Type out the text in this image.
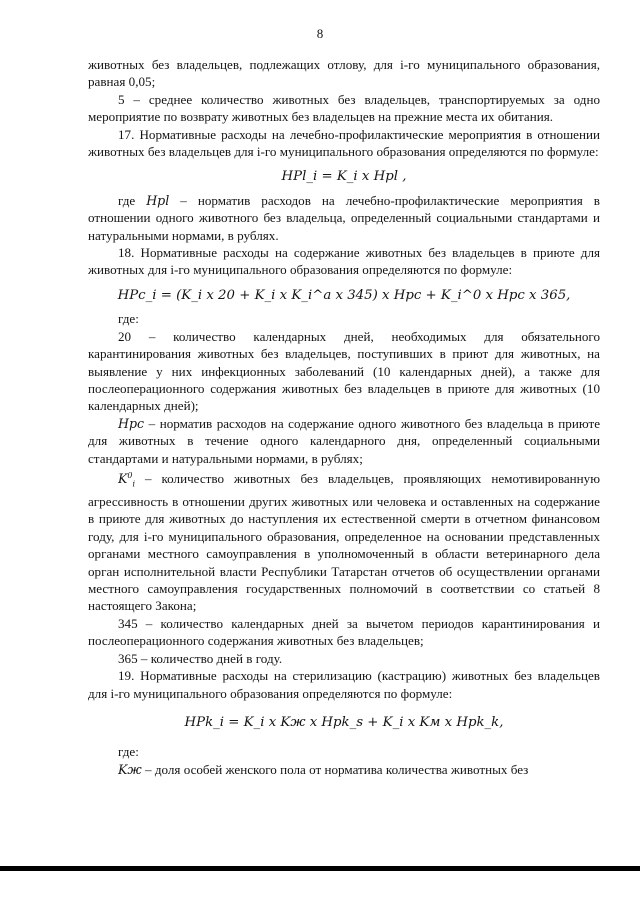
8

животных без владельцев, подлежащих отлову, для i-го муниципального образования, равная 0,05;

5 – среднее количество животных без владельцев, транспортируемых за одно мероприятие по возврату животных без владельцев на прежние места их обитания.

17. Нормативные расходы на лечебно-профилактические мероприятия в отношении животных без владельцев для i-го муниципального образования определяются по формуле:

HPl_i = K_i x Hpl ,

где Hpl – норматив расходов на лечебно-профилактические мероприятия в отношении одного животного без владельца, определенный социальными стандартами и натуральными нормами, в рублях.

18. Нормативные расходы на содержание животных без владельцев в приюте для животных для i-го муниципального образования определяются по формуле:

HPc_i = (K_i x 20 + K_i x K_i^a x 345) x Hpc + K_i^0 x Hpc x 365,

где:

20 – количество календарных дней, необходимых для обязательного карантинирования животных без владельцев, поступивших в приют для животных, на выявление у них инфекционных заболеваний (10 календарных дней), а также для послеоперационного содержания животных без владельцев в приюте для животных (10 календарных дней);

Hpc – норматив расходов на содержание одного животного без владельца в приюте для животных в течение одного календарного дня, определенный социальными стандартами и натуральными нормами, в рублях;

$K^0_i$ – количество животных без владельцев, проявляющих немотивированную агрессивность в отношении других животных или человека и оставленных на содержание в приюте для животных до наступления их естественной смерти в отчетном финансовом году, для i-го муниципального образования, определенное на основании представленных органами местного самоуправления в уполномоченный в области ветеринарного дела орган исполнительной власти Республики Татарстан отчетов об осуществлении органами местного самоуправления государственных полномочий в соответствии со статьей 8 настоящего Закона;

345 – количество календарных дней за вычетом периодов карантинирования и послеоперационного содержания животных без владельцев;

365 – количество дней в году.

19. Нормативные расходы на стерилизацию (кастрацию) животных без владельцев для i-го муниципального образования определяются по формуле:

HPk_i = K_i x Kж x Hpk_s + K_i x Kм x Hpk_k,

где:

Kж – доля особей женского пола от норматива количества животных без
